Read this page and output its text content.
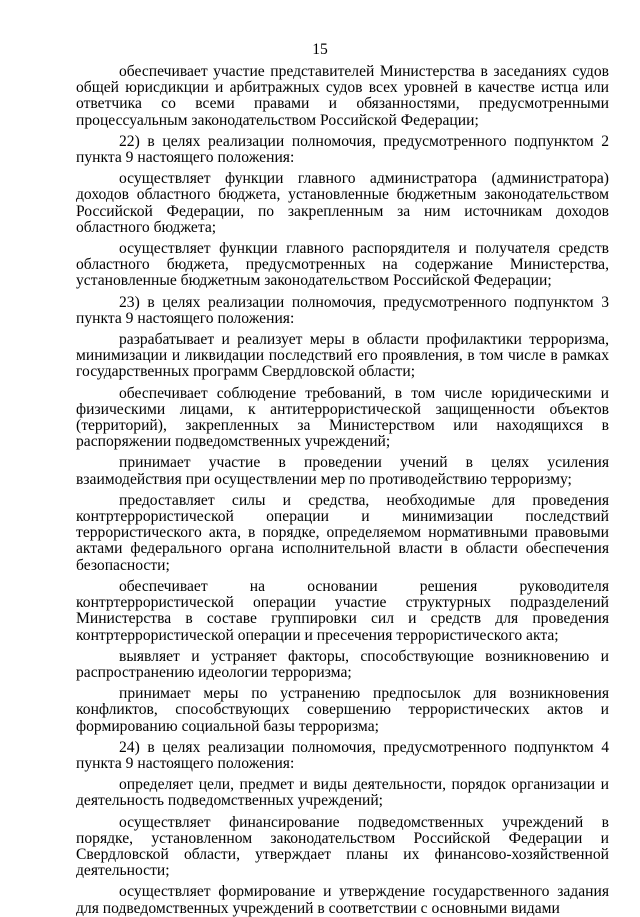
15

обеспечивает участие представителей Министерства в заседаниях судов общей юрисдикции и арбитражных судов всех уровней в качестве истца или ответчика со всеми правами и обязанностями, предусмотренными процессуальным законодательством Российской Федерации;

22) в целях реализации полномочия, предусмотренного подпунктом 2 пункта 9 настоящего положения:

осуществляет функции главного администратора (администратора) доходов областного бюджета, установленные бюджетным законодательством Российской Федерации, по закрепленным за ним источникам доходов областного бюджета;

осуществляет функции главного распорядителя и получателя средств областного бюджета, предусмотренных на содержание Министерства, установленные бюджетным законодательством Российской Федерации;

23) в целях реализации полномочия, предусмотренного подпунктом 3 пункта 9 настоящего положения:

разрабатывает и реализует меры в области профилактики терроризма, минимизации и ликвидации последствий его проявления, в том числе в рамках государственных программ Свердловской области;

обеспечивает соблюдение требований, в том числе юридическими и физическими лицами, к антитеррористической защищенности объектов (территорий), закрепленных за Министерством или находящихся в распоряжении подведомственных учреждений;

принимает участие в проведении учений в целях усиления взаимодействия при осуществлении мер по противодействию терроризму;

предоставляет силы и средства, необходимые для проведения контртеррористической операции и минимизации последствий террористического акта, в порядке, определяемом нормативными правовыми актами федерального органа исполнительной власти в области обеспечения безопасности;

обеспечивает на основании решения руководителя контртеррористической операции участие структурных подразделений Министерства в составе группировки сил и средств для проведения контртеррористической операции и пресечения террористического акта;

выявляет и устраняет факторы, способствующие возникновению и распространению идеологии терроризма;

принимает меры по устранению предпосылок для возникновения конфликтов, способствующих совершению террористических актов и формированию социальной базы терроризма;

24) в целях реализации полномочия, предусмотренного подпунктом 4 пункта 9 настоящего положения:

определяет цели, предмет и виды деятельности, порядок организации и деятельность подведомственных учреждений;

осуществляет финансирование подведомственных учреждений в порядке, установленном законодательством Российской Федерации и Свердловской области, утверждает планы их финансово-хозяйственной деятельности;

осуществляет формирование и утверждение государственного задания для подведомственных учреждений в соответствии с основными видами
